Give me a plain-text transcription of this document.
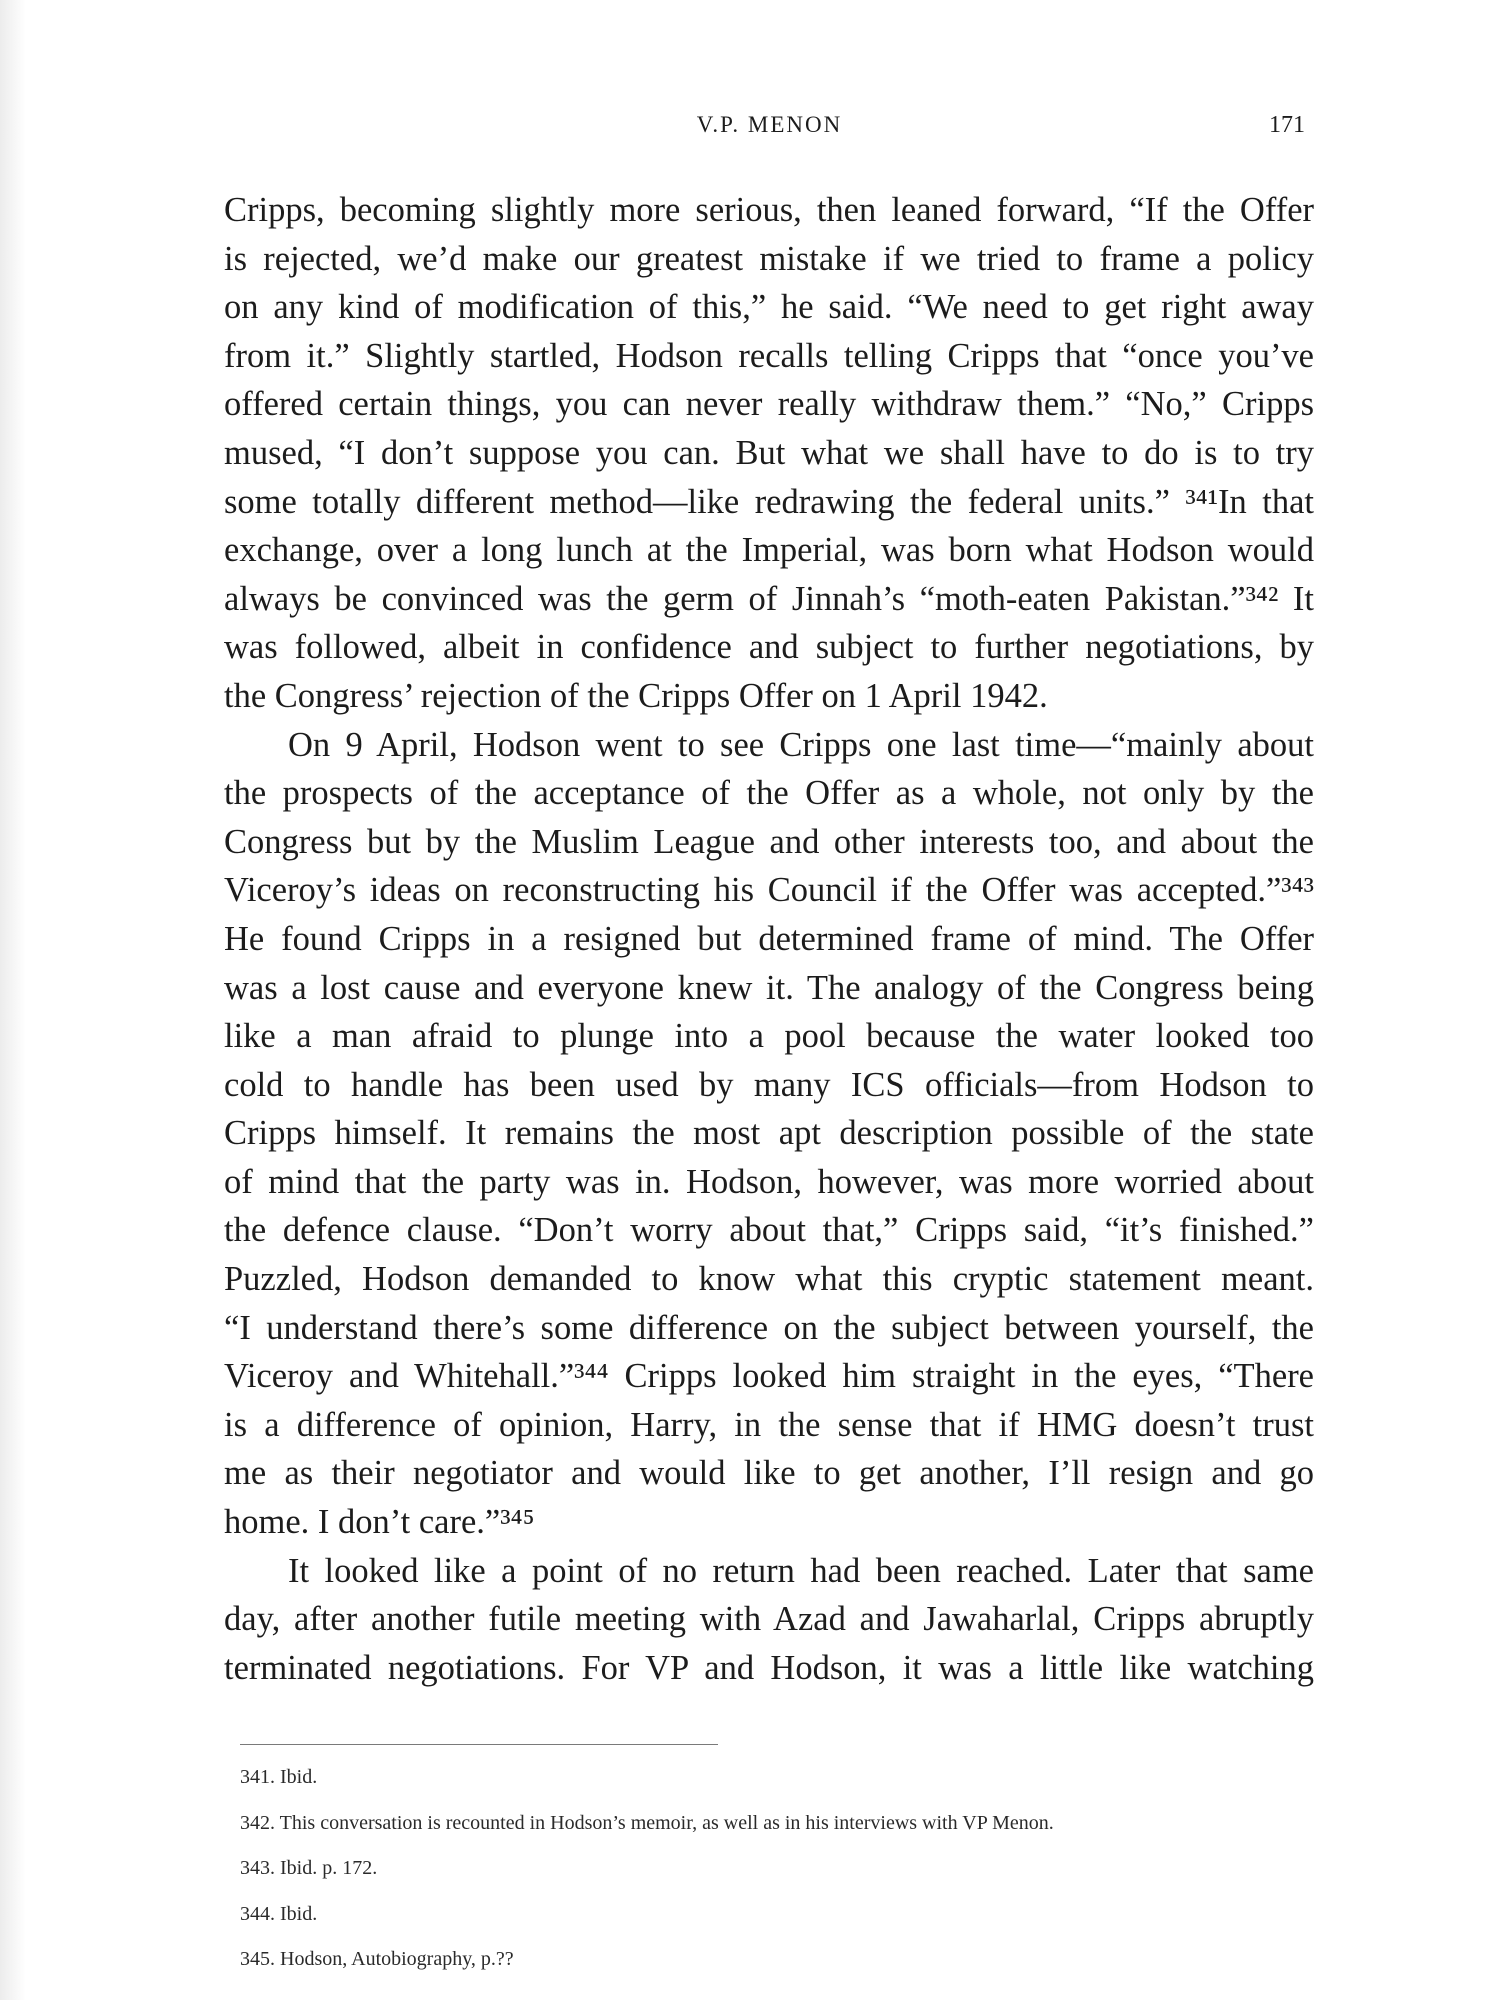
V.P. MENON	171
Cripps, becoming slightly more serious, then leaned forward, “If the Offer
is rejected, we’d make our greatest mistake if we tried to frame a policy
on any kind of modification of this,” he said. “We need to get right away
from it.” Slightly startled, Hodson recalls telling Cripps that “once you’ve
offered certain things, you can never really withdraw them.” “No,” Cripps
mused, “I don’t suppose you can. But what we shall have to do is to try
some totally different method—like redrawing the federal units.” ³⁴¹In that
exchange, over a long lunch at the Imperial, was born what Hodson would
always be convinced was the germ of Jinnah’s “moth-eaten Pakistan.”³⁴² It
was followed, albeit in confidence and subject to further negotiations, by
the Congress’ rejection of the Cripps Offer on 1 April 1942.
On 9 April, Hodson went to see Cripps one last time—“mainly about
the prospects of the acceptance of the Offer as a whole, not only by the
Congress but by the Muslim League and other interests too, and about the
Viceroy’s ideas on reconstructing his Council if the Offer was accepted.”³⁴³
He found Cripps in a resigned but determined frame of mind. The Offer
was a lost cause and everyone knew it. The analogy of the Congress being
like a man afraid to plunge into a pool because the water looked too
cold to handle has been used by many ICS officials—from Hodson to
Cripps himself. It remains the most apt description possible of the state
of mind that the party was in. Hodson, however, was more worried about
the defence clause. “Don’t worry about that,” Cripps said, “it’s finished.”
Puzzled, Hodson demanded to know what this cryptic statement meant.
“I understand there’s some difference on the subject between yourself, the
Viceroy and Whitehall.”³⁴⁴ Cripps looked him straight in the eyes, “There
is a difference of opinion, Harry, in the sense that if HMG doesn’t trust
me as their negotiator and would like to get another, I’ll resign and go
home. I don’t care.”³⁴⁵
It looked like a point of no return had been reached. Later that same
day, after another futile meeting with Azad and Jawaharlal, Cripps abruptly
terminated negotiations. For VP and Hodson, it was a little like watching
341. Ibid.
342. This conversation is recounted in Hodson’s memoir, as well as in his interviews with VP Menon.
343. Ibid. p. 172.
344. Ibid.
345. Hodson, Autobiography, p.??
